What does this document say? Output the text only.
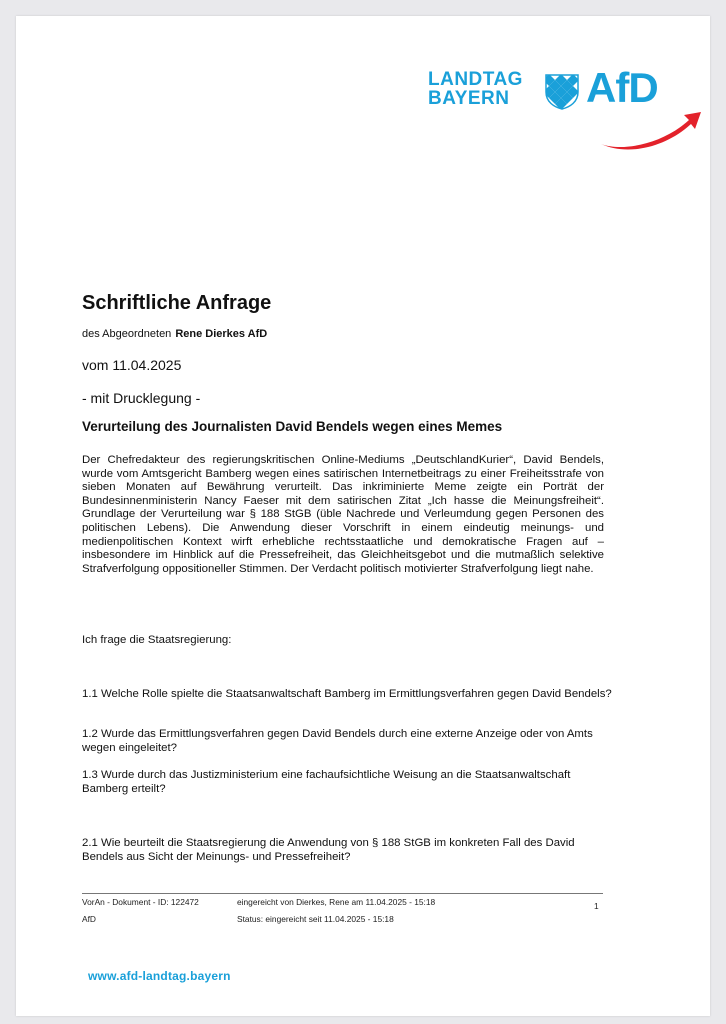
LANDTAG
BAYERN	AfD
Schriftliche Anfrage
des Abgeordneten Rene Dierkes AfD
vom 11.04.2025
- mit Drucklegung -
Verurteilung des Journalisten David Bendels wegen eines Memes

Der Chefredakteur des regierungskritischen Online-Mediums „DeutschlandKurier“, David Bendels, wurde vom Amtsgericht Bamberg wegen eines satirischen Internetbeitrags zu einer Freiheitsstrafe von sieben Monaten auf Bewährung verurteilt. Das inkriminierte Meme zeigte ein Porträt der Bundesinnenministerin Nancy Faeser mit dem satirischen Zitat „Ich hasse die Meinungsfreiheit“. Grundlage der Verurteilung war § 188 StGB (üble Nachrede und Verleumdung gegen Personen des politischen Lebens). Die Anwendung dieser Vorschrift in einem eindeutig meinungs- und medienpolitischen Kontext wirft erhebliche rechtsstaatliche und demokratische Fragen auf – insbesondere im Hinblick auf die Pressefreiheit, das Gleichheitsgebot und die mutmaßlich selektive Strafverfolgung oppositioneller Stimmen. Der Verdacht politisch motivierter Strafverfolgung liegt nahe.

Ich frage die Staatsregierung:

1.1 Welche Rolle spielte die Staatsanwaltschaft Bamberg im Ermittlungsverfahren gegen David Bendels?

1.2 Wurde das Ermittlungsverfahren gegen David Bendels durch eine externe Anzeige oder von Amts wegen eingeleitet?

1.3 Wurde durch das Justizministerium eine fachaufsichtliche Weisung an die Staatsanwaltschaft Bamberg erteilt?

2.1 Wie beurteilt die Staatsregierung die Anwendung von § 188 StGB im konkreten Fall des David Bendels aus Sicht der Meinungs- und Pressefreiheit?

VorAn - Dokument - ID: 122472	eingereicht von Dierkes, Rene am 11.04.2025 - 15:18	1
AfD	Status: eingereicht seit 11.04.2025 - 15:18
www.afd-landtag.bayern
